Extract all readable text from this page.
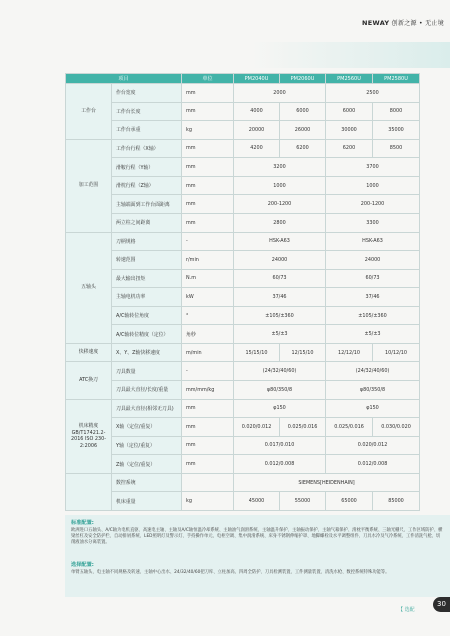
NEWAY 创新之源 • 无止境
项目		单位	PM2040U	PM2060U	PM2560U	PM2580U
工作台	作台宽度	mm	2000		2500	
	工作台长度	mm	4000	6000	6000	8000
	工作台承重	kg	20000	26000	30000	35000
加工范围	工作台行程（X轴）	mm	4200	6200	6200	8500
	滑鞍行程（Y轴）	mm	3200		3700	
	滑枕行程（Z轴）	mm	1000		1000	
	主轴端面到工作台面距离	mm	200-1200		200-1200	
	两立柱之间距离	mm	2800		3300	
五轴头	刀柄规格	-	HSK-A63		HSK-A63	
	转速范围	r/min	24000		24000	
	最大输出扭矩	N.m	60/73		60/73	
	主轴电机功率	kW	37/46		37/46	
	A/C轴转位角度	°	±105/±360		±105/±360	
	A/C轴转位精度（定位）	角秒	±5/±3		±5/±3	
快移速度	X、Y、Z轴快移速度	m/min	15/15/10	12/15/10	12/12/10	10/12/10
ATC换刀	刀具数量	-	(24/32/40/60)		(24/32/40/60)	
	刀具最大直径/长度/重量	mm/mm/kg	φ80/350/8		φ80/350/8	
机床精度 GB/T17421.2-2016 ISO 230-2:2006	刀具最大直径(相邻无刀具)	mm	φ150		φ150	
	X轴（定位/重复）	mm	0.020/0.012	0.025/0.016	0.025/0.016	0.030/0.020
	Y轴（定位/重复）	mm	0.017/0.010		0.020/0.012	
	Z轴（定位/重复）	mm	0.012/0.008		0.012/0.008	
	数控系统		SIEMENS[HEIDENHAIN]			
	机床重量	kg	45000	55000	65000	85000
标准配置:
欧洲进口五轴头、A/C轴为电机直驱、高速电主轴、主轴及A/C轴恒温冷却系统、主轴油气润滑系统、主轴温升保护、主轴振动保护、主轴气幕保护、滑枕平衡系统、三轴光栅尺、工作区域防护、横梁丝杠及安全防护栏、自动排屑系统、LED照明灯及警示灯、手持操作单元、电柜空调、集中润滑系统、床身不锈钢伸缩护罩、地脚螺栓及水平调整组件、刀具水冷及气冷系统、工件清洗气枪、切削液油水分离装置。
选择配置:
单臂五轴头、电主轴不同规格及转速、主轴中心出水、24/32/40/60把刀库、立柱加高、四周全防护、刀具检测装置、工件测量装置、清洗水枪、数控系统特殊功能等。
【 选配
30
